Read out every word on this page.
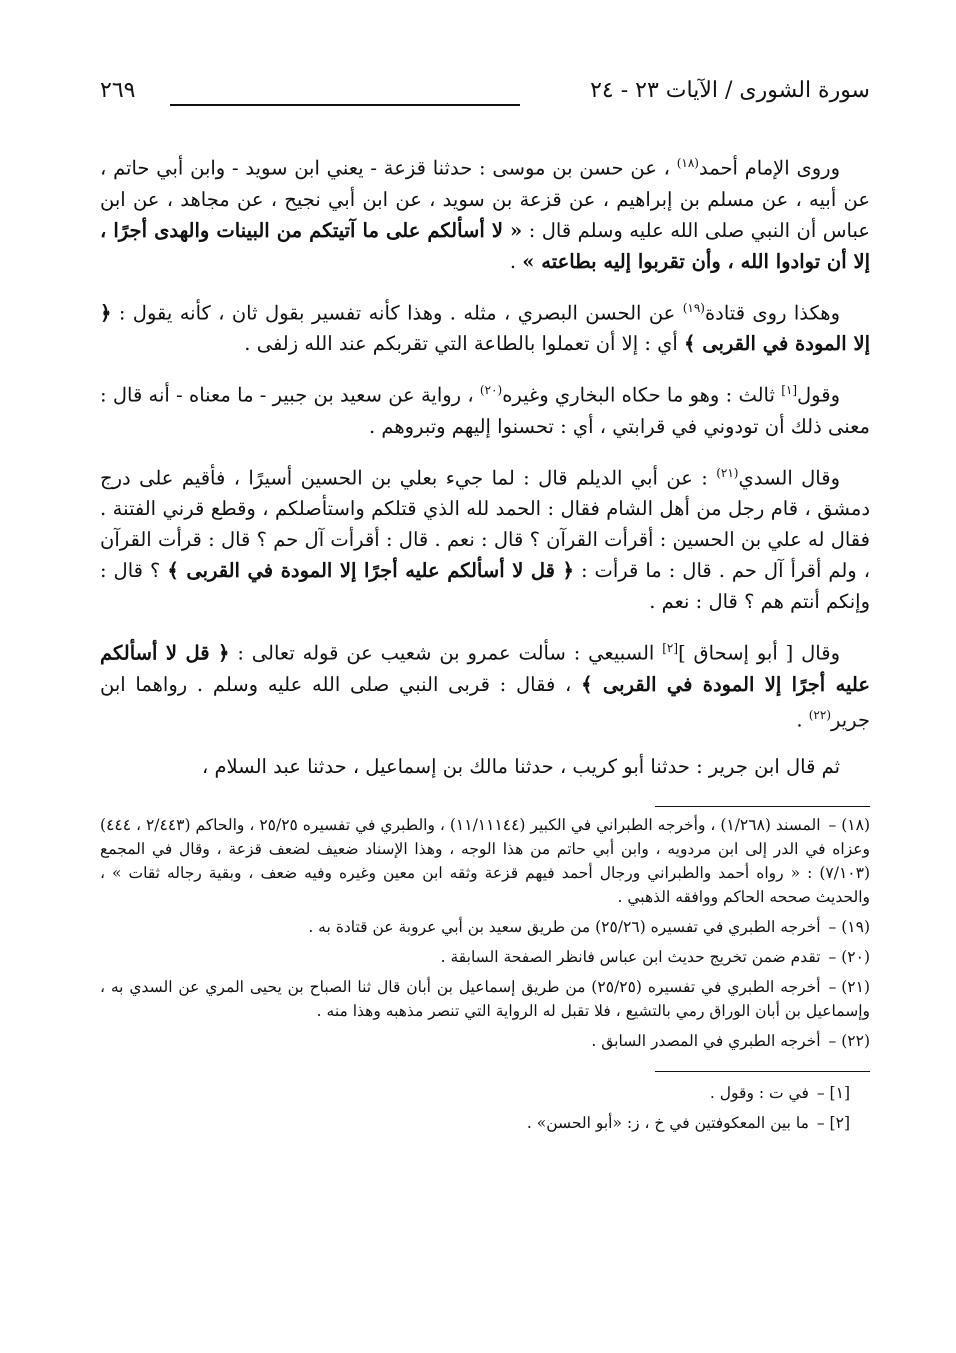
سورة الشورى / الآيات ٢٣ - ٢٤
٢٦٩

وروى الإمام أحمد$^{(١٨)}$ ، عن حسن بن موسى : حدثنا قزعة - يعني ابن سويد - وابن أبي حاتم ، عن أبيه ، عن مسلم بن إبراهيم ، عن قزعة بن سويد ، عن ابن أبي نجيح ، عن مجاهد ، عن ابن عباس أن النبي صلى الله عليه وسلم قال : « لا أسألكم على ما آتيتكم من البينات والهدى أجرًا ، إلا أن توادوا الله ، وأن تقربوا إليه بطاعته » .

وهكذا روى قتادة$^{(١٩)}$ عن الحسن البصري ، مثله . وهذا كأنه تفسير بقول ثان ، كأنه يقول : ﴿ إلا المودة في القربى ﴾ أي : إلا أن تعملوا بالطاعة التي تقربكم عند الله زلفى .

وقول[١] ثالث : وهو ما حكاه البخاري وغيره$^{(٢٠)}$ ، رواية عن سعيد بن جبير - ما معناه - أنه قال : معنى ذلك أن تودوني في قرابتي ، أي : تحسنوا إليهم وتبروهم .

وقال السدي$^{(٢١)}$ : عن أبي الديلم قال : لما جيء بعلي بن الحسين أسيرًا ، فأقيم على درج دمشق ، قام رجل من أهل الشام فقال : الحمد لله الذي قتلكم واستأصلكم ، وقطع قرني الفتنة . فقال له علي بن الحسين : أقرأت القرآن ؟ قال : نعم . قال : أقرأت آل حم ؟ قال : قرأت القرآن ، ولم أقرأ آل حم . قال : ما قرأت : ﴿ قل لا أسألكم عليه أجرًا إلا المودة في القربى ﴾ ؟ قال : وإنكم أنتم هم ؟ قال : نعم .

وقال [ أبو إسحاق ][٢] السبيعي : سألت عمرو بن شعيب عن قوله تعالى : ﴿ قل لا أسألكم عليه أجرًا إلا المودة في القربى ﴾ ، فقال : قربى النبي صلى الله عليه وسلم . رواهما ابن جرير$^{(٢٢)}$ .

ثم قال ابن جرير : حدثنا أبو كريب ، حدثنا مالك بن إسماعيل ، حدثنا عبد السلام ،

(١٨) –المسند (١/٢٦٨) ، وأخرجه الطبراني في الكبير (١١/١١١٤٤) ، والطبري في تفسيره ٢٥/٢٥ ، والحاكم (٢/٤٤٣ ، ٤٤٤) وعزاه في الدر إلى ابن مردويه ، وابن أبي حاتم من هذا الوجه ، وهذا الإسناد ضعيف لضعف قزعة ، وقال في المجمع (٧/١٠٣) : « رواه أحمد والطبراني ورجال أحمد فيهم قزعة وثقه ابن معين وغيره وفيه ضعف ، وبقية رجاله ثقات » ، والحديث صححه الحاكم ووافقه الذهبي .

(١٩) –أخرجه الطبري في تفسيره (٢٥/٢٦) من طريق سعيد بن أبي عروبة عن قتادة به .

(٢٠) –تقدم ضمن تخريج حديث ابن عباس فانظر الصفحة السابقة .

(٢١) –أخرجه الطبري في تفسيره (٢٥/٢٥) من طريق إسماعيل بن أبان قال ثنا الصباح بن يحيى المري عن السدي به ، وإسماعيل بن أبان الوراق رمي بالتشيع ، فلا تقبل له الرواية التي تنصر مذهبه وهذا منه .

(٢٢) –أخرجه الطبري في المصدر السابق .

[١] –في ت : وقول .

[٢] –ما بين المعكوفتين في خ ، ز: «أبو الحسن» .
